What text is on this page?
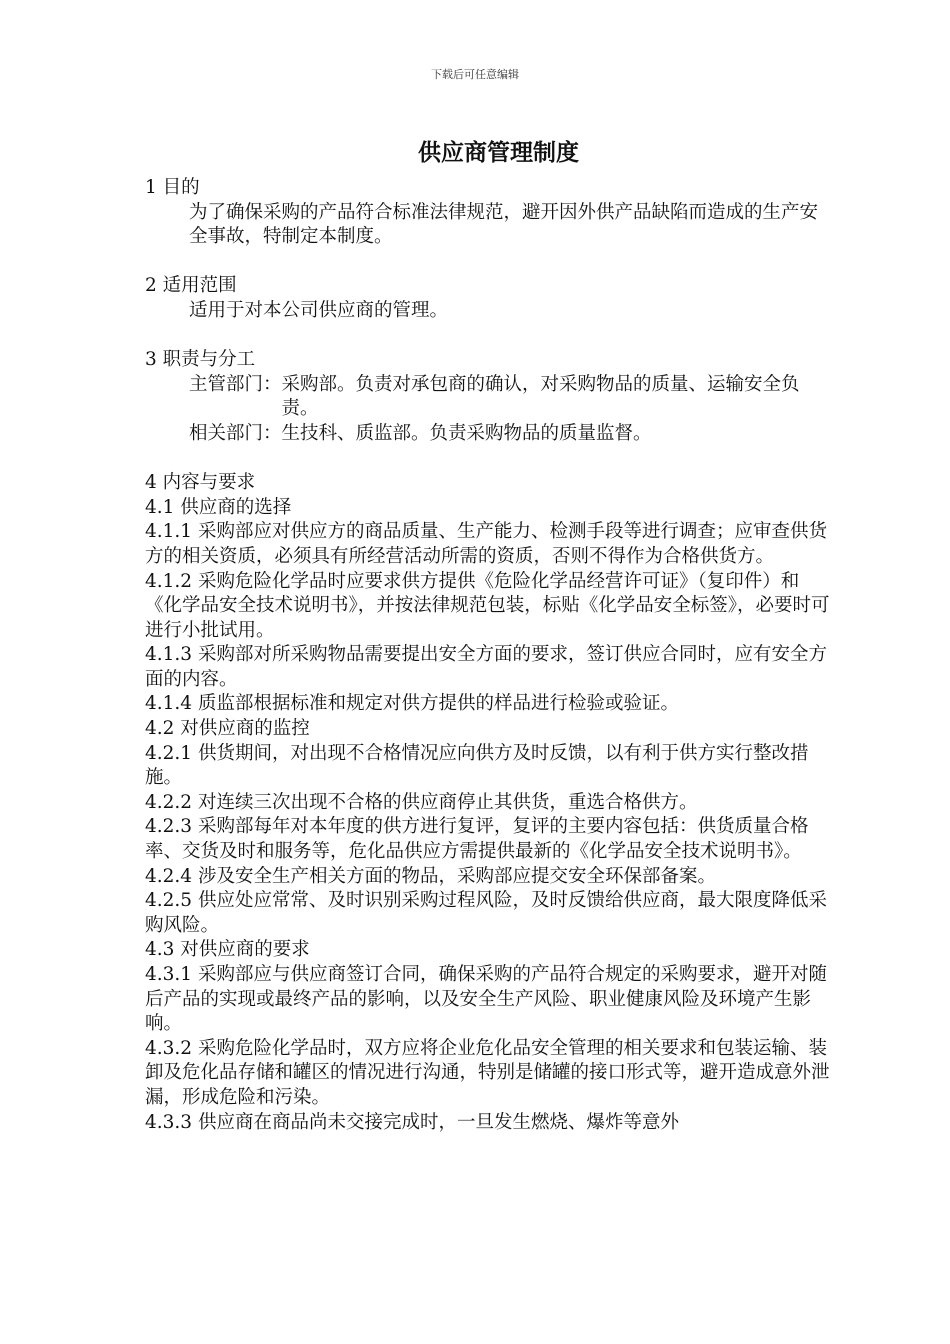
下载后可任意编辑
供应商管理制度

1 目的

为了确保采购的产品符合标准法律规范，避开因外供产品缺陷而造成的生产安全事故，特制定本制度。

2 适用范围

适用于对本公司供应商的管理。

3 职责与分工

主管部门： 采购部。负责对承包商的确认，对采购物品的质量、运输安全负责。
相关部门： 生技科、质监部。负责采购物品的质量监督。

4 内容与要求

4.1 供应商的选择

4.1.1 采购部应对供应方的商品质量、生产能力、检测手段等进行调查；应审查供货方的相关资质，必须具有所经营活动所需的资质，否则不得作为合格供货方。

4.1.2 采购危险化学品时应要求供方提供《危险化学品经营许可证》（复印件）和《化学品安全技术说明书》，并按法律规范包装，标贴《化学品安全标签》，必要时可进行小批试用。

4.1.3 采购部对所采购物品需要提出安全方面的要求，签订供应合同时，应有安全方面的内容。

4.1.4 质监部根据标准和规定对供方提供的样品进行检验或验证。

4.2 对供应商的监控

4.2.1 供货期间，对出现不合格情况应向供方及时反馈，以有利于供方实行整改措施。

4.2.2 对连续三次出现不合格的供应商停止其供货，重选合格供方。

4.2.3 采购部每年对本年度的供方进行复评，复评的主要内容包括：供货质量合格率、交货及时和服务等，危化品供应方需提供最新的《化学品安全技术说明书》。

4.2.4 涉及安全生产相关方面的物品，采购部应提交安全环保部备案。

4.2.5 供应处应常常、及时识别采购过程风险，及时反馈给供应商，最大限度降低采购风险。

4.3 对供应商的要求

4.3.1 采购部应与供应商签订合同，确保采购的产品符合规定的采购要求，避开对随后产品的实现或最终产品的影响，以及安全生产风险、职业健康风险及环境产生影响。

4.3.2 采购危险化学品时，双方应将企业危化品安全管理的相关要求和包装运输、装卸及危化品存储和罐区的情况进行沟通，特别是储罐的接口形式等，避开造成意外泄漏，形成危险和污染。

4.3.3 供应商在商品尚未交接完成时，一旦发生燃烧、爆炸等意外
